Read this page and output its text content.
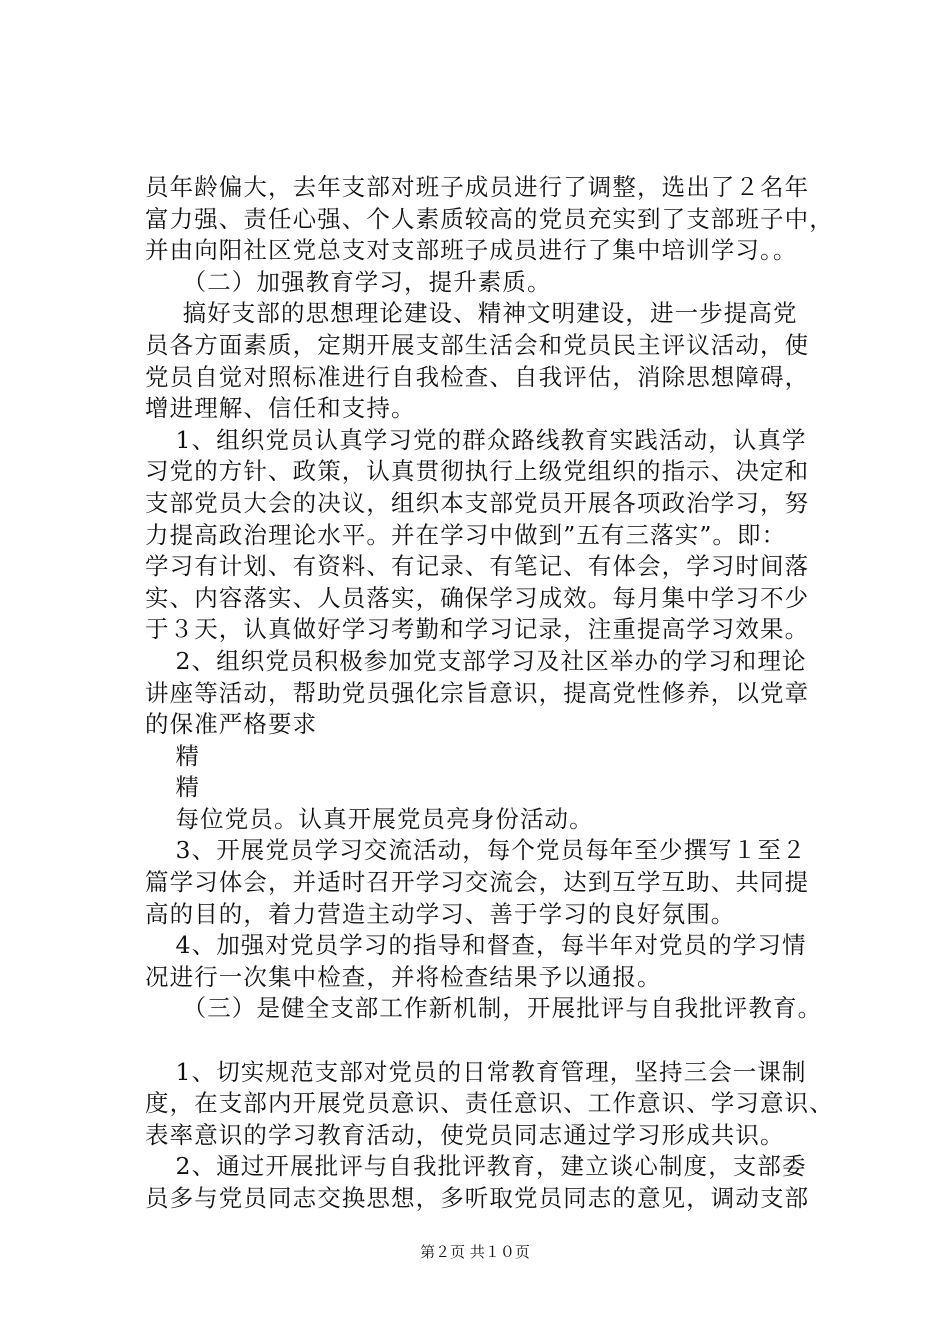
员年龄偏大，去年支部对班子成员进行了调整，选出了２名年
富力强、责任心强、个人素质较高的党员充实到了支部班子中，
并由向阳社区党总支对支部班子成员进行了集中培训学习。。
（二）加强教育学习，提升素质。
搞好支部的思想理论建设、精神文明建设，进一步提高党
员各方面素质，定期开展支部生活会和党员民主评议活动，使
党员自觉对照标准进行自我检查、自我评估，消除思想障碍，
增进理解、信任和支持。
1、组织党员认真学习党的群众路线教育实践活动，认真学
习党的方针、政策，认真贯彻执行上级党组织的指示、决定和
支部党员大会的决议，组织本支部党员开展各项政治学习，努
力提高政治理论水平。并在学习中做到”五有三落实”。即：
学习有计划、有资料、有记录、有笔记、有体会，学习时间落
实、内容落实、人员落实，确保学习成效。每月集中学习不少
于３天，认真做好学习考勤和学习记录，注重提高学习效果。
2、组织党员积极参加党支部学习及社区举办的学习和理论
讲座等活动，帮助党员强化宗旨意识，提高党性修养，以党章
的保准严格要求
精
精
每位党员。认真开展党员亮身份活动。
3、开展党员学习交流活动，每个党员每年至少撰写１至２
篇学习体会，并适时召开学习交流会，达到互学互助、共同提
高的目的，着力营造主动学习、善于学习的良好氛围。
4、加强对党员学习的指导和督查，每半年对党员的学习情
况进行一次集中检查，并将检查结果予以通报。
（三）是健全支部工作新机制，开展批评与自我批评教育。
1、切实规范支部对党员的日常教育管理，坚持三会一课制
度，在支部内开展党员意识、责任意识、工作意识、学习意识、
表率意识的学习教育活动，使党员同志通过学习形成共识。
2、通过开展批评与自我批评教育，建立谈心制度，支部委
员多与党员同志交换思想，多听取党员同志的意见，调动支部
第２页 共１０页
